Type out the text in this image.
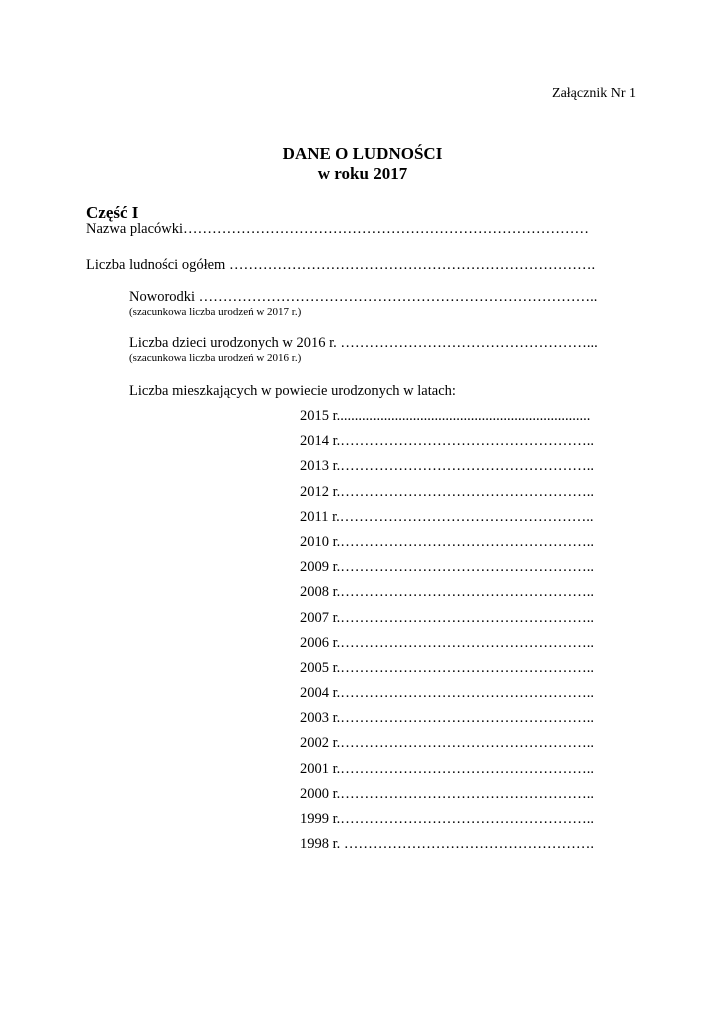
Załącznik Nr 1
DANE O LUDNOŚCI
w roku 2017
Część I
Nazwa placówki…………………………………………………………………………
Liczba ludności ogółem ………………………………………………………………….
Noworodki ………………………………………………………………………..
(szacunkowa liczba urodzeń w 2017 r.)
Liczba dzieci urodzonych w 2016 r. ……………………………………………...
(szacunkowa liczba urodzeń w 2016 r.)
Liczba mieszkających w powiecie urodzonych w latach:
2015 r......................................................................
2014 r.……………………………………………..
2013 r.……………………………………………..
2012 r.……………………………………………..
2011 r.……………………………………………..
2010 r.……………………………………………..
2009 r.……………………………………………..
2008 r.……………………………………………..
2007 r.……………………………………………..
2006 r.……………………………………………..
2005 r.……………………………………………..
2004 r.……………………………………………..
2003 r.……………………………………………..
2002 r.……………………………………………..
2001 r.……………………………………………..
2000 r.……………………………………………..
1999 r.……………………………………………..
1998 r. …………………………………………….
